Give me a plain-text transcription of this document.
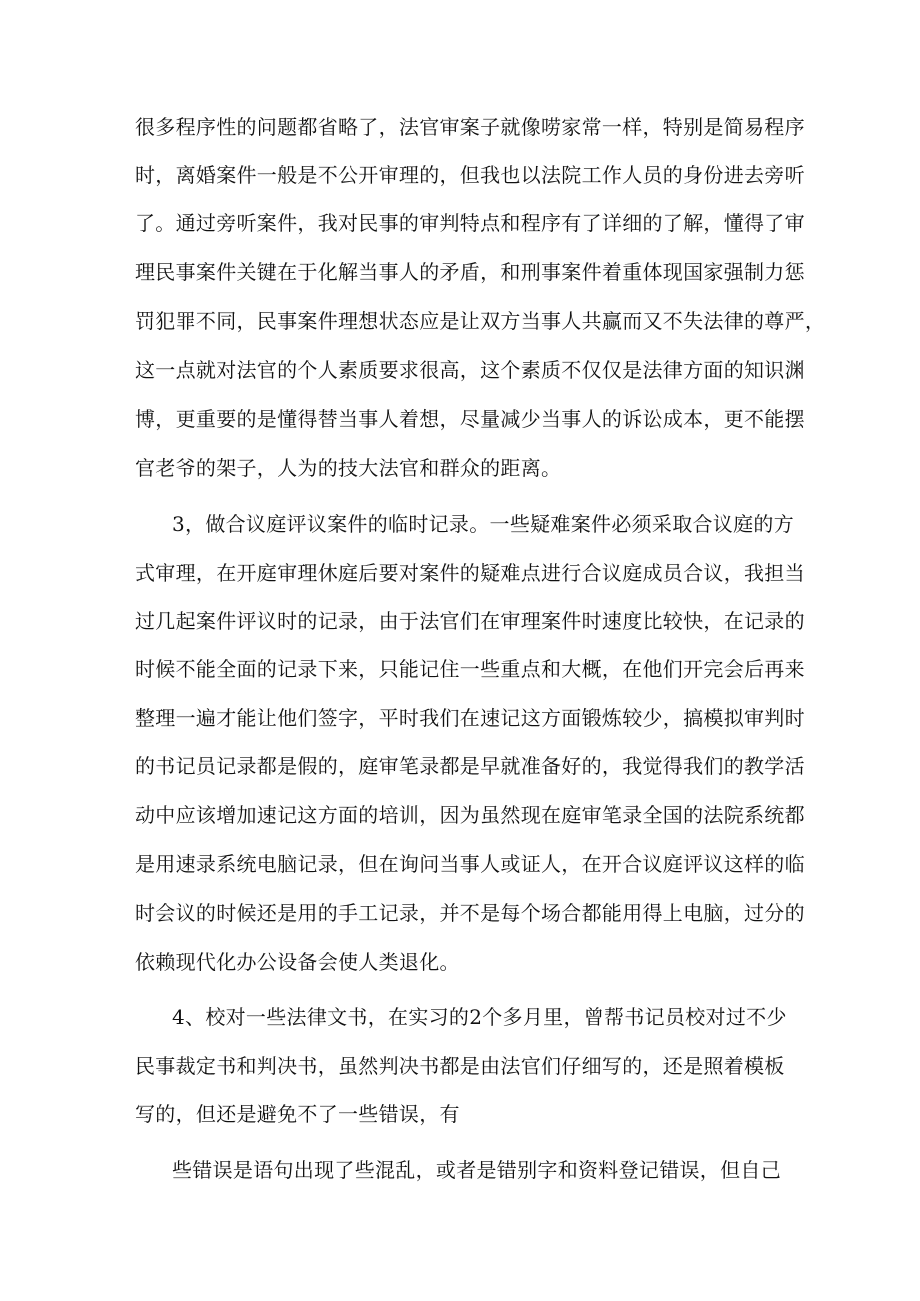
很多程序性的问题都省略了，法官审案子就像唠家常一样，特别是简易程序
时，离婚案件一般是不公开审理的，但我也以法院工作人员的身份进去旁听
了。通过旁听案件，我对民事的审判特点和程序有了详细的了解，懂得了审
理民事案件关键在于化解当事人的矛盾，和刑事案件着重体现国家强制力惩
罚犯罪不同，民事案件理想状态应是让双方当事人共赢而又不失法律的尊严，
这一点就对法官的个人素质要求很高，这个素质不仅仅是法律方面的知识渊
博，更重要的是懂得替当事人着想，尽量减少当事人的诉讼成本，更不能摆
官老爷的架子，人为的技大法官和群众的距离。
3，做合议庭评议案件的临时记录。一些疑难案件必须采取合议庭的方
式审理，在开庭审理休庭后要对案件的疑难点进行合议庭成员合议，我担当
过几起案件评议时的记录，由于法官们在审理案件时速度比较快，在记录的
时候不能全面的记录下来，只能记住一些重点和大概，在他们开完会后再来
整理一遍才能让他们签字，平时我们在速记这方面锻炼较少，搞模拟审判时
的书记员记录都是假的，庭审笔录都是早就准备好的，我觉得我们的教学活
动中应该增加速记这方面的培训，因为虽然现在庭审笔录全国的法院系统都
是用速录系统电脑记录，但在询问当事人或证人，在开合议庭评议这样的临
时会议的时候还是用的手工记录，并不是每个场合都能用得上电脑，过分的
依赖现代化办公设备会使人类退化。
4、校对一些法律文书，在实习的2个多月里，曾帮书记员校对过不少
民事裁定书和判决书，虽然判决书都是由法官们仔细写的，还是照着模板
写的，但还是避免不了一些错误，有
些错误是语句出现了些混乱，或者是错别字和资料登记错误，但自己
